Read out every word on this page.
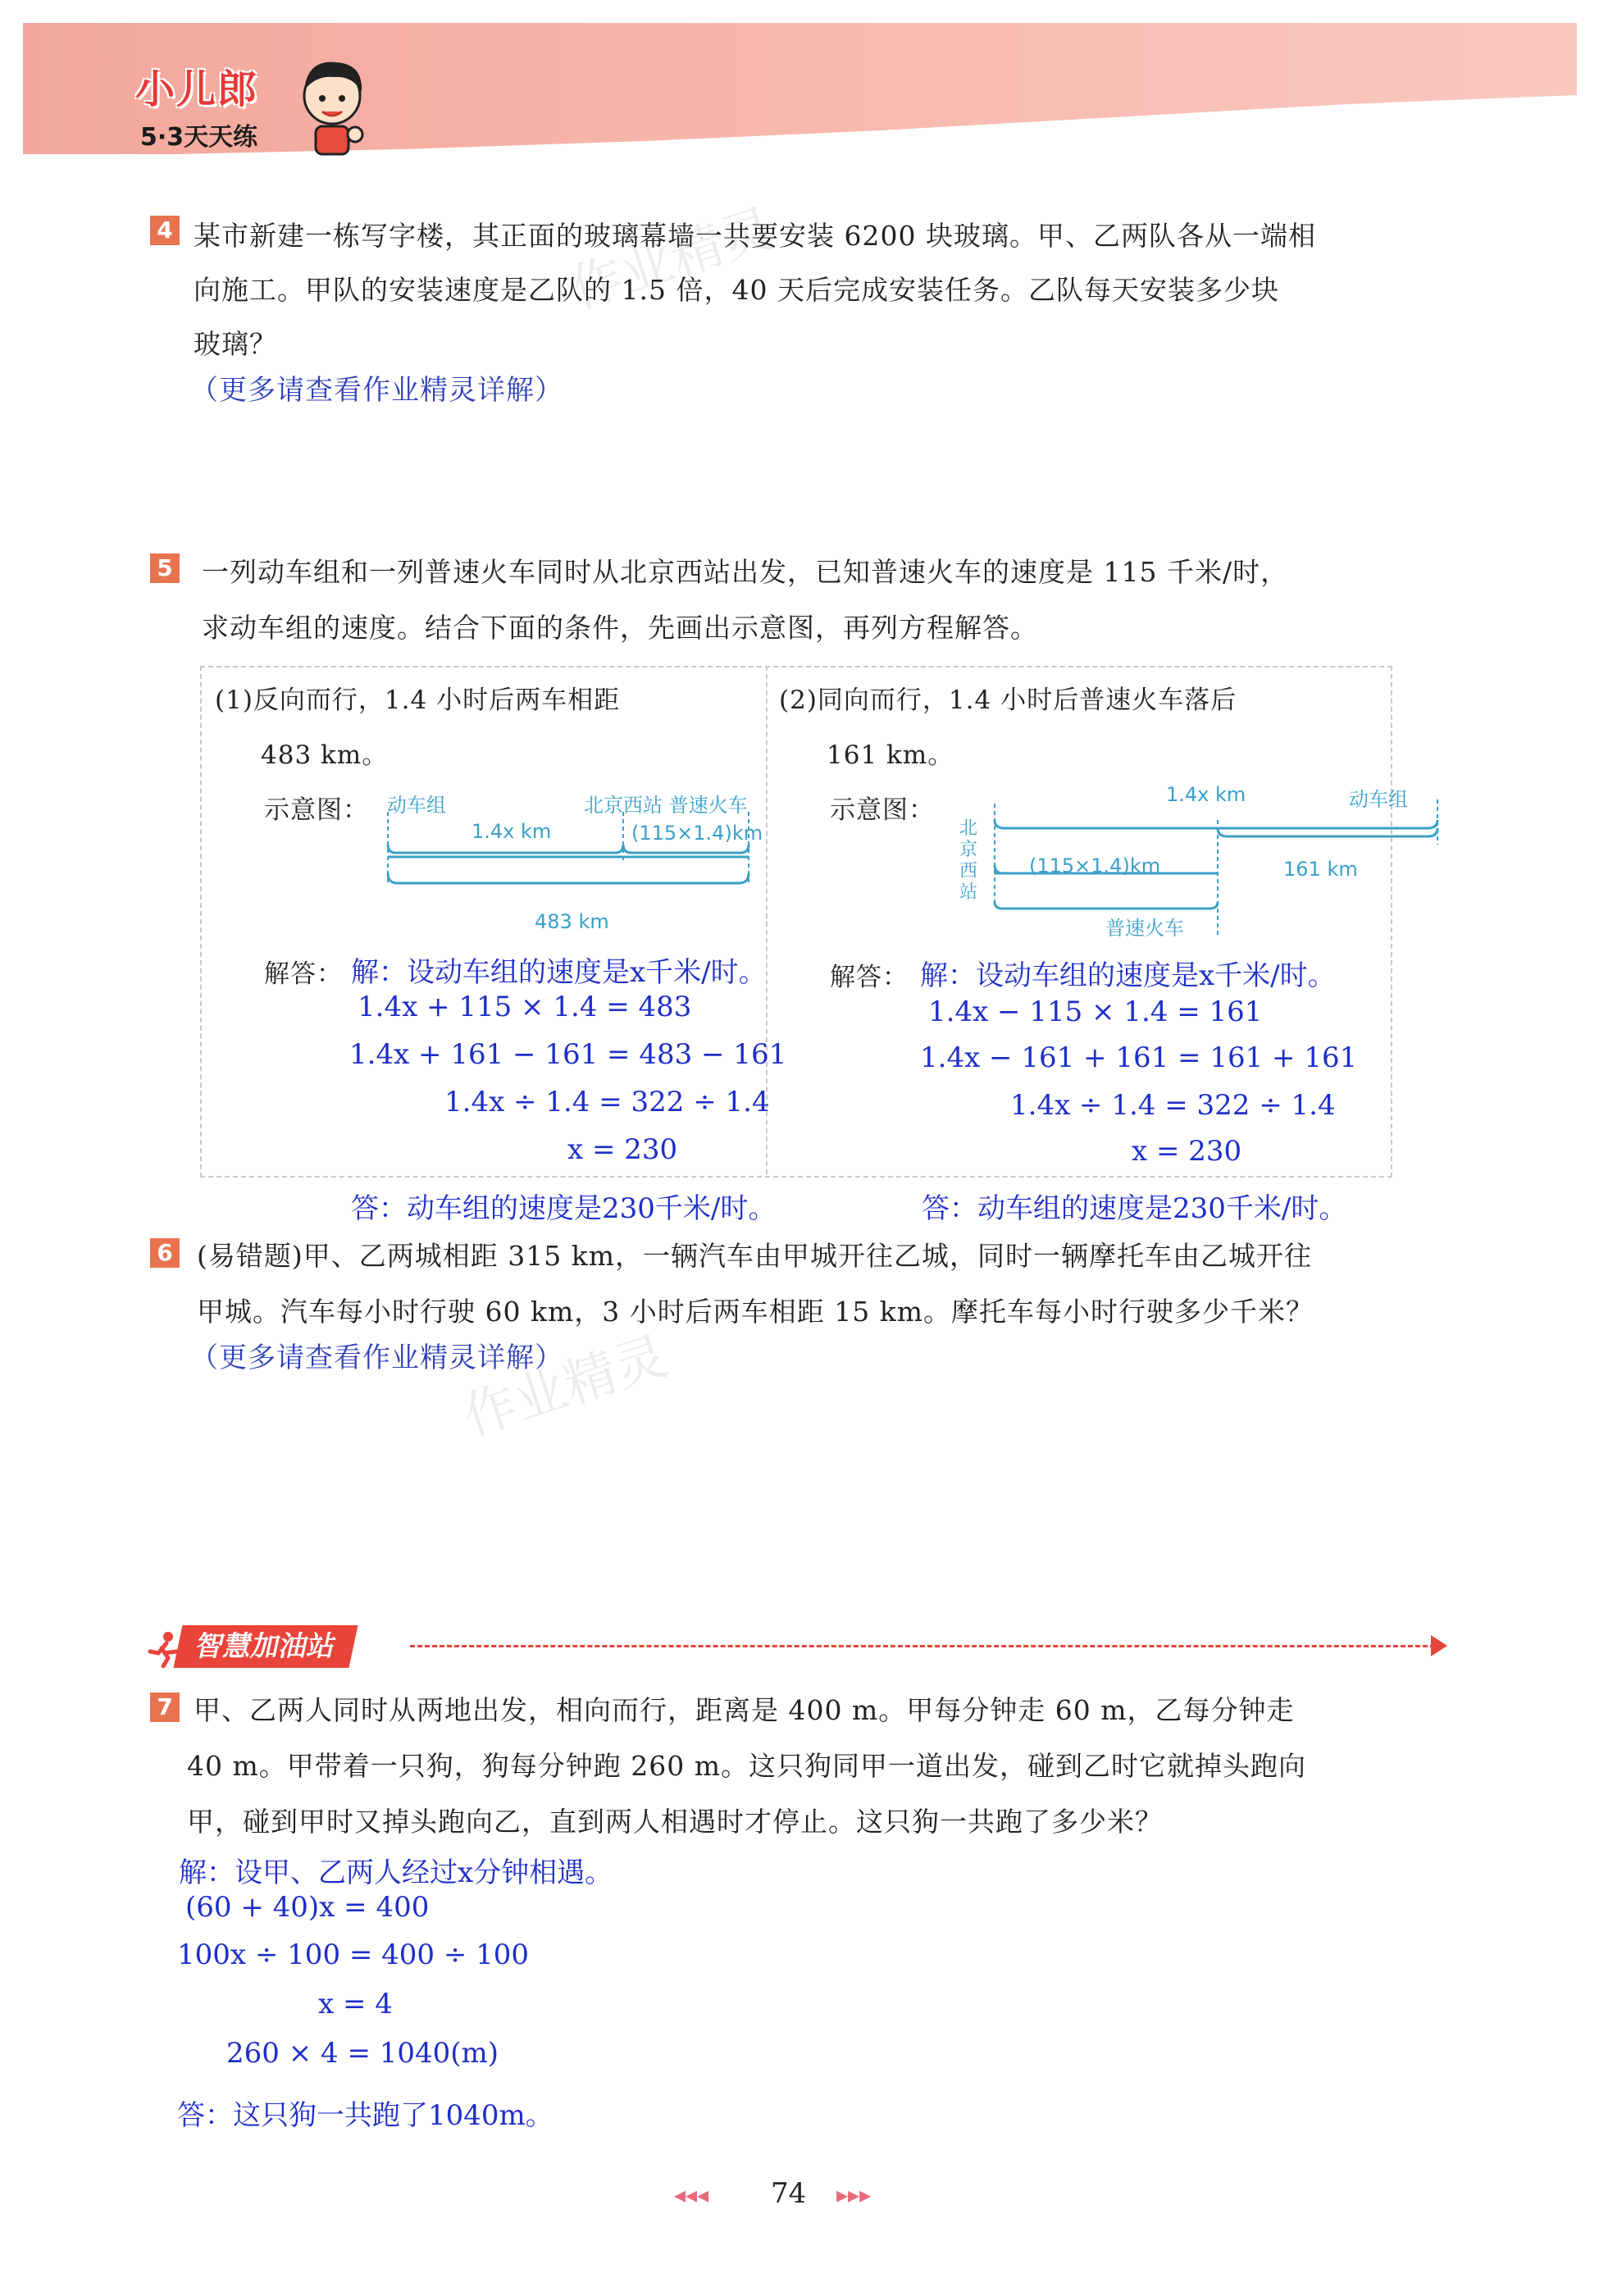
小儿郎
5·3天天练
作业精灵
作业精灵
4 某市新建一栋写字楼，其正面的玻璃幕墙一共要安装 6200 块玻璃。甲、乙两队各从一端相
向施工。甲队的安装速度是乙队的 1.5 倍，40 天后完成安装任务。乙队每天安装多少块
玻璃？
（更多请查看作业精灵详解）
5 一列动车组和一列普速火车同时从北京西站出发，已知普速火车的速度是 115 千米/时，
求动车组的速度。结合下面的条件，先画出示意图，再列方程解答。
(1)反向而行，1.4 小时后两车相距
483 km。
示意图： 动车组	北京西站 普速火车
1.4x km	(115×1.4)km
483 km
解答： 解：设动车组的速度是x千米/时。
1.4x + 115 × 1.4 = 483
1.4x + 161 − 161 = 483 − 161
1.4x ÷ 1.4 = 322 ÷ 1.4
x = 230
答：动车组的速度是230千米/时。
(2)同向而行，1.4 小时后普速火车落后
161 km。
示意图：
1.4x km	动车组
北京西站
(115×1.4)km	161 km
普速火车
解答： 解：设动车组的速度是x千米/时。
1.4x − 115 × 1.4 = 161
1.4x − 161 + 161 = 161 + 161
1.4x ÷ 1.4 = 322 ÷ 1.4
x = 230
答：动车组的速度是230千米/时。
6 (易错题)甲、乙两城相距 315 km，一辆汽车由甲城开往乙城，同时一辆摩托车由乙城开往
甲城。汽车每小时行驶 60 km，3 小时后两车相距 15 km。摩托车每小时行驶多少千米？
（更多请查看作业精灵详解）
智慧加油站
7 甲、乙两人同时从两地出发，相向而行，距离是 400 m。甲每分钟走 60 m，乙每分钟走
40 m。甲带着一只狗，狗每分钟跑 260 m。这只狗同甲一道出发，碰到乙时它就掉头跑向
甲，碰到甲时又掉头跑向乙，直到两人相遇时才停止。这只狗一共跑了多少米？
解：设甲、乙两人经过x分钟相遇。
(60 + 40)x = 400
100x ÷ 100 = 400 ÷ 100
x = 4
260 × 4 = 1040(m)
答：这只狗一共跑了1040m。
◂◂◂ 74 ▸▸▸
